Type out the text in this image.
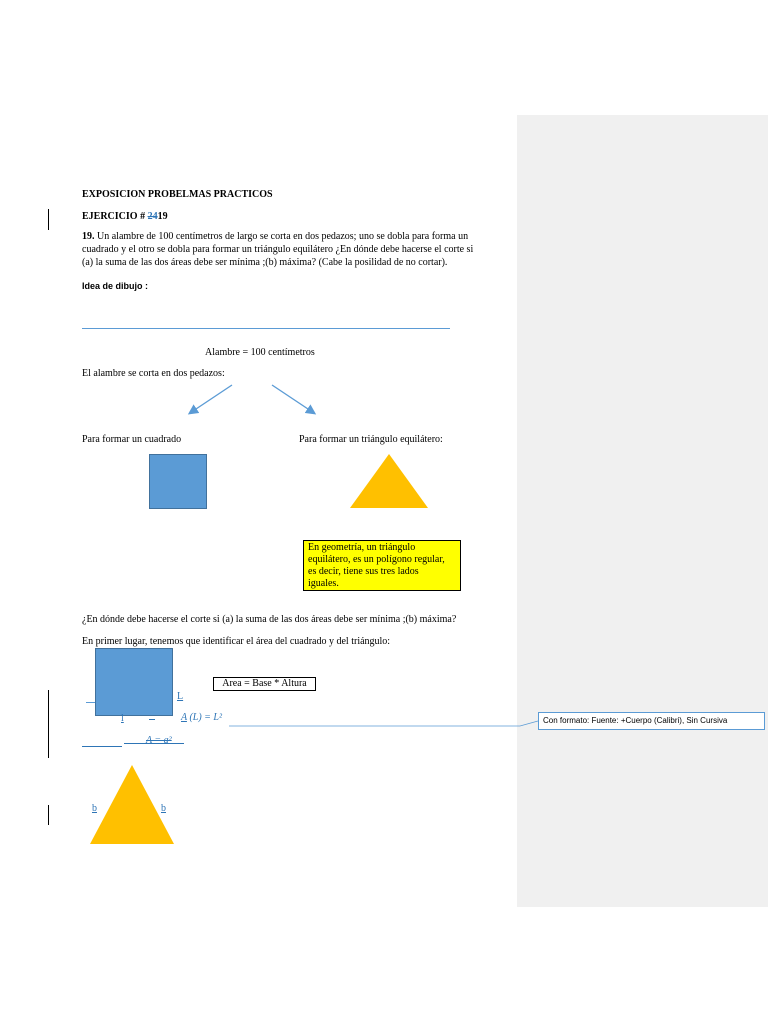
EXPOSICION PROBELMAS PRACTICOS
EJERCICIO # 2419
19. Un alambre de 100 centímetros de largo se corta en dos pedazos; uno se dobla para forma un
cuadrado y el otro se dobla para formar un triángulo equilátero ¿En dónde debe hacerse el corte si
(a) la suma de las dos áreas debe ser mínima ;(b) máxima? (Cabe la posilidad de no cortar).
Idea de dibujo :
Alambre = 100 centímetros
El alambre se corta en dos pedazos:
Para formar un cuadrado	Para formar un triángulo equilátero:
En geometría, un triángulo
equilátero, es un polígono regular,
es decir, tiene sus tres lados
iguales.
¿En dónde debe hacerse el corte si (a) la suma de las dos áreas debe ser mínima ;(b) máxima?
En primer lugar, tenemos que identificar el área del cuadrado y del triángulo:
L
Area = Base * Altura
l	A (L) = L²
A = a²
Con formato: Fuente: +Cuerpo (Calibri), Sin Cursiva
b	b
